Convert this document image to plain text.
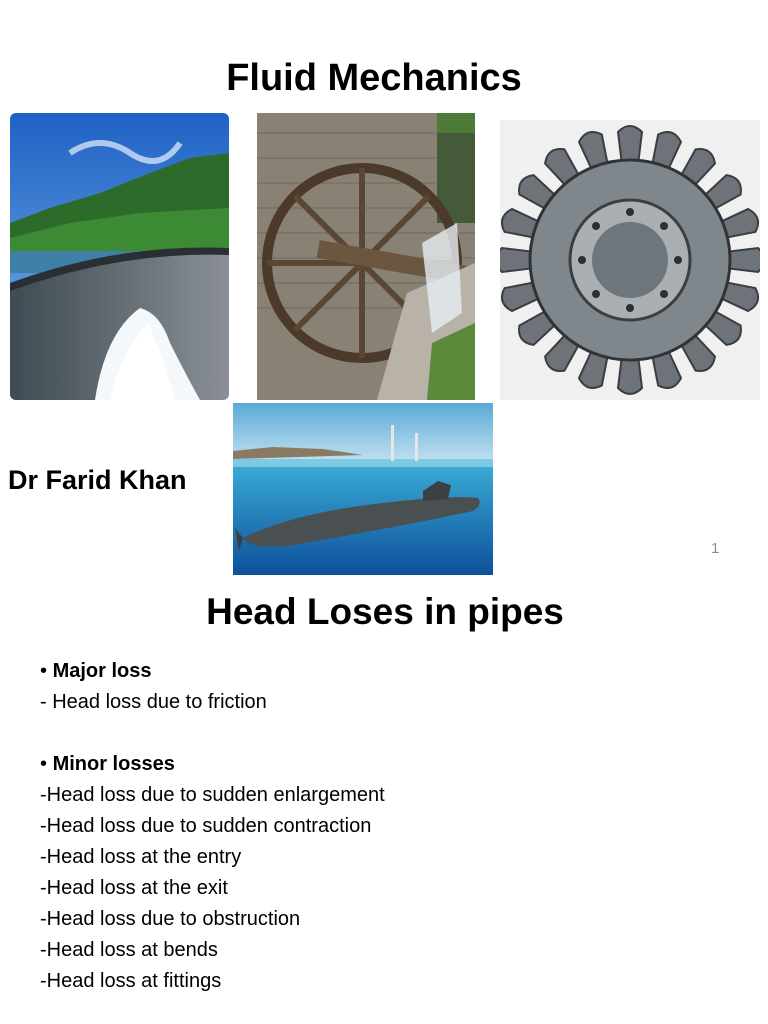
Fluid Mechanics
Dr Farid Khan
1
Head Loses in pipes
• Major loss
- Head loss due to friction
• Minor losses
-Head loss due to sudden enlargement
-Head loss due to sudden contraction
-Head loss at the entry
-Head loss at the exit
-Head loss due to obstruction
-Head loss at bends
-Head loss at fittings
